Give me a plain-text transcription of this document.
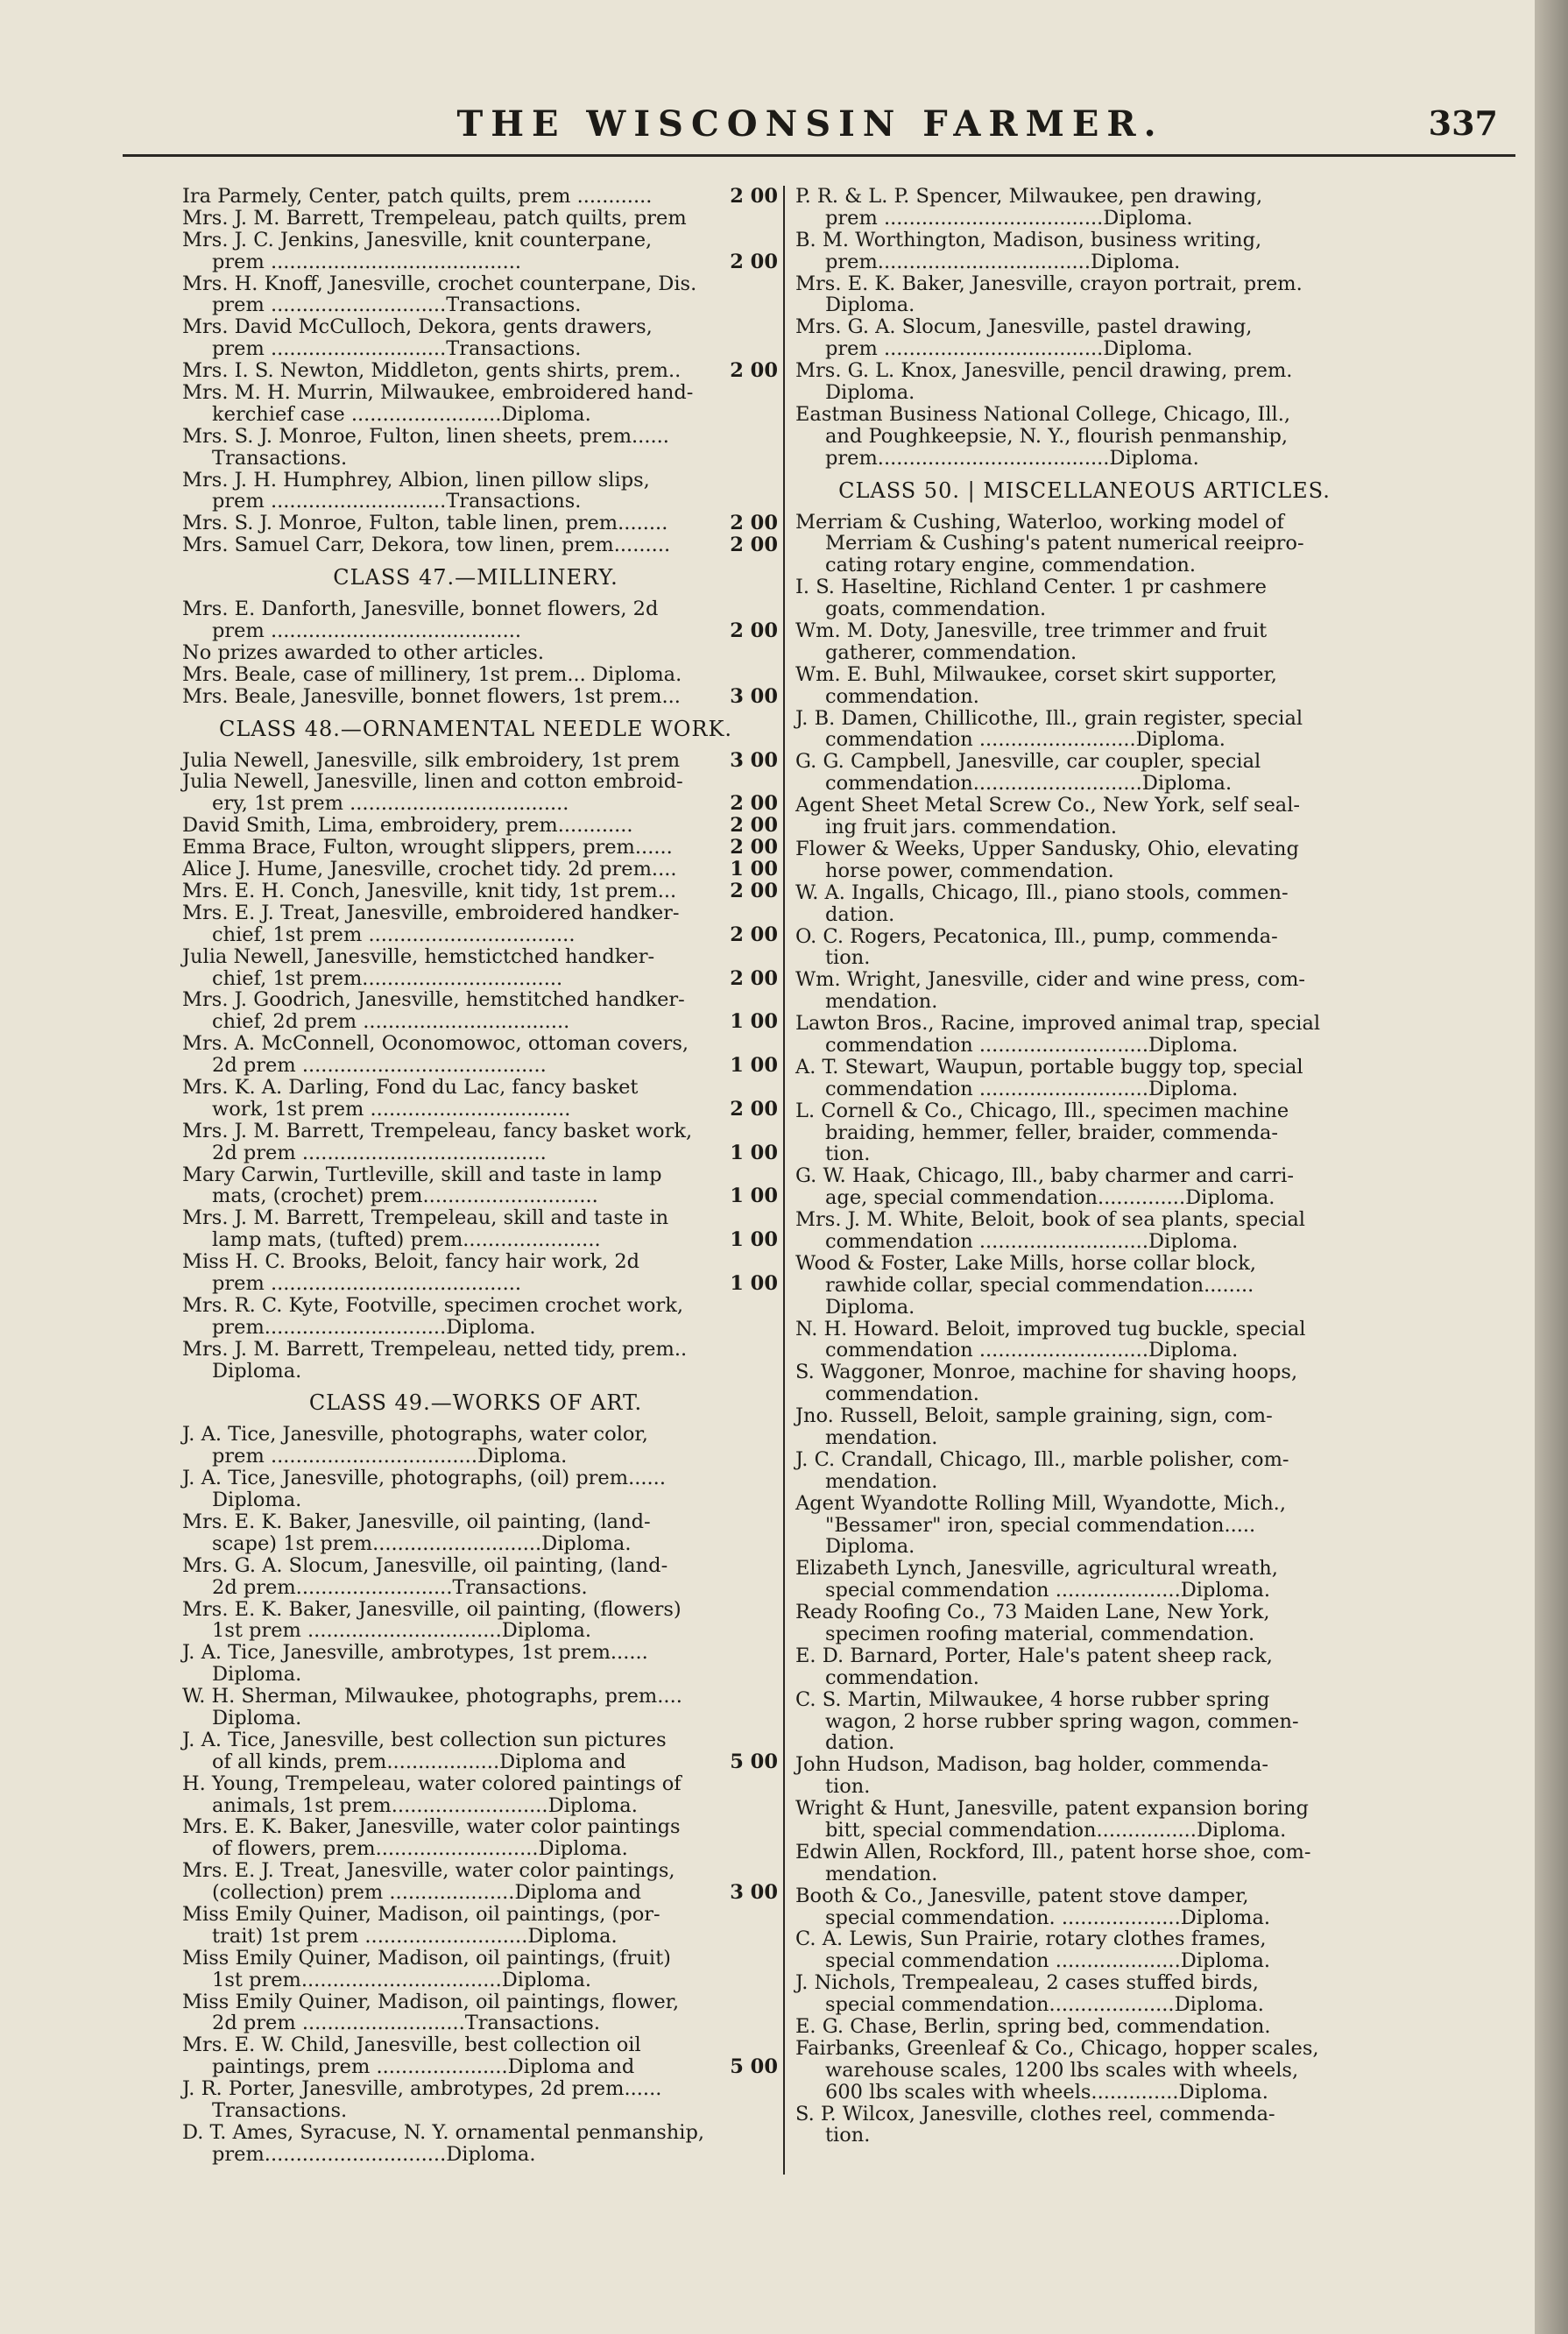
THE WISCONSIN FARMER.	337
Ira Parmely, Center, patch quilts, prem ............	2 00
Mrs. J. M. Barrett, Trempeleau, patch quilts, prem
Mrs. J. C. Jenkins, Janesville, knit counterpane,
prem ........................................	2 00
Mrs. H. Knoff, Janesville, crochet counterpane, Dis.
prem ............................Transactions.
Mrs. David McCulloch, Dekora, gents drawers,
prem ............................Transactions.
Mrs. I. S. Newton, Middleton, gents shirts, prem.. 2 00
Mrs. M. H. Murrin, Milwaukee, embroidered hand-
kerchief case ........................Diploma.
Mrs. S. J. Monroe, Fulton, linen sheets, prem......
Transactions.
Mrs. J. H. Humphrey, Albion, linen pillow slips,
prem ............................Transactions.
Mrs. S. J. Monroe, Fulton, table linen, prem........	2 00
Mrs. Samuel Carr, Dekora, tow linen, prem.........	2 00
CLASS 47.—MILLINERY.
Mrs. E. Danforth, Janesville, bonnet flowers, 2d
prem ........................................	2 00
No prizes awarded to other articles.
Mrs. Beale, case of millinery, 1st prem... Diploma.
Mrs. Beale, Janesville, bonnet flowers, 1st prem...	3 00
CLASS 48.—ORNAMENTAL NEEDLE WORK.
Julia Newell, Janesville, silk embroidery, 1st prem	3 00
Julia Newell, Janesville, linen and cotton embroid-
ery, 1st prem ...................................	2 00
David Smith, Lima, embroidery, prem............	2 00
Emma Brace, Fulton, wrought slippers, prem......	2 00
Alice J. Hume, Janesville, crochet tidy. 2d prem....	1 00
Mrs. E. H. Conch, Janesville, knit tidy, 1st prem...	2 00
Mrs. E. J. Treat, Janesville, embroidered handker-
chief, 1st prem .................................	2 00
Julia Newell, Janesville, hemstictched handker-
chief, 1st prem................................	2 00
Mrs. J. Goodrich, Janesville, hemstitched handker-
chief, 2d prem .................................	1 00
Mrs. A. McConnell, Oconomowoc, ottoman covers,
2d prem .......................................	1 00
Mrs. K. A. Darling, Fond du Lac, fancy basket
work, 1st prem ................................	2 00
Mrs. J. M. Barrett, Trempeleau, fancy basket work,
2d prem .......................................	1 00
Mary Carwin, Turtleville, skill and taste in lamp
mats, (crochet) prem............................	1 00
Mrs. J. M. Barrett, Trempeleau, skill and taste in
lamp mats, (tufted) prem......................	1 00
Miss H. C. Brooks, Beloit, fancy hair work, 2d
prem ........................................	1 00
Mrs. R. C. Kyte, Footville, specimen crochet work,
prem.............................Diploma.
Mrs. J. M. Barrett, Trempeleau, netted tidy, prem..
Diploma.
CLASS 49.—WORKS OF ART.
J. A. Tice, Janesville, photographs, water color,
prem .................................Diploma.
J. A. Tice, Janesville, photographs, (oil) prem......
Diploma.
Mrs. E. K. Baker, Janesville, oil painting, (land-
scape) 1st prem...........................Diploma.
Mrs. G. A. Slocum, Janesville, oil painting, (land-
2d prem.........................Transactions.
Mrs. E. K. Baker, Janesville, oil painting, (flowers)
1st prem ...............................Diploma.
J. A. Tice, Janesville, ambrotypes, 1st prem......
Diploma.
W. H. Sherman, Milwaukee, photographs, prem....
Diploma.
J. A. Tice, Janesville, best collection sun pictures
of all kinds, prem..................Diploma and	5 00
H. Young, Trempeleau, water colored paintings of
animals, 1st prem.........................Diploma.
Mrs. E. K. Baker, Janesville, water color paintings
of flowers, prem..........................Diploma.
Mrs. E. J. Treat, Janesville, water color paintings,
(collection) prem ....................Diploma and	3 00
Miss Emily Quiner, Madison, oil paintings, (por-
trait) 1st prem ..........................Diploma.
Miss Emily Quiner, Madison, oil paintings, (fruit)
1st prem................................Diploma.
Miss Emily Quiner, Madison, oil paintings, flower,
2d prem ..........................Transactions.
Mrs. E. W. Child, Janesville, best collection oil
paintings, prem .....................Diploma and	5 00
J. R. Porter, Janesville, ambrotypes, 2d prem......
Transactions.
D. T. Ames, Syracuse, N. Y. ornamental penmanship,
prem.............................Diploma.
P. R. & L. P. Spencer, Milwaukee, pen drawing,
prem ...................................Diploma.
B. M. Worthington, Madison, business writing,
prem..................................Diploma.
Mrs. E. K. Baker, Janesville, crayon portrait, prem.
Diploma.
Mrs. G. A. Slocum, Janesville, pastel drawing,
prem ...................................Diploma.
Mrs. G. L. Knox, Janesville, pencil drawing, prem.
Diploma.
Eastman Business National College, Chicago, Ill.,
and Poughkeepsie, N. Y., flourish penmanship,
prem.....................................Diploma.
CLASS 50. | MISCELLANEOUS ARTICLES.
Merriam & Cushing, Waterloo, working model of
Merriam & Cushing's patent numerical reeipro-
cating rotary engine, commendation.
I. S. Haseltine, Richland Center. 1 pr cashmere
goats, commendation.
Wm. M. Doty, Janesville, tree trimmer and fruit
gatherer, commendation.
Wm. E. Buhl, Milwaukee, corset skirt supporter,
commendation.
J. B. Damen, Chillicothe, Ill., grain register, special
commendation .........................Diploma.
G. G. Campbell, Janesville, car coupler, special
commendation...........................Diploma.
Agent Sheet Metal Screw Co., New York, self seal-
ing fruit jars. commendation.
Flower & Weeks, Upper Sandusky, Ohio, elevating
horse power, commendation.
W. A. Ingalls, Chicago, Ill., piano stools, commen-
dation.
O. C. Rogers, Pecatonica, Ill., pump, commenda-
tion.
Wm. Wright, Janesville, cider and wine press, com-
mendation.
Lawton Bros., Racine, improved animal trap, special
commendation ...........................Diploma.
A. T. Stewart, Waupun, portable buggy top, special
commendation ...........................Diploma.
L. Cornell & Co., Chicago, Ill., specimen machine
braiding, hemmer, feller, braider, commenda-
tion.
G. W. Haak, Chicago, Ill., baby charmer and carri-
age, special commendation..............Diploma.
Mrs. J. M. White, Beloit, book of sea plants, special
commendation ...........................Diploma.
Wood & Foster, Lake Mills, horse collar block,
rawhide collar, special commendation........
Diploma.
N. H. Howard. Beloit, improved tug buckle, special
commendation ...........................Diploma.
S. Waggoner, Monroe, machine for shaving hoops,
commendation.
Jno. Russell, Beloit, sample graining, sign, com-
mendation.
J. C. Crandall, Chicago, Ill., marble polisher, com-
mendation.
Agent Wyandotte Rolling Mill, Wyandotte, Mich.,
"Bessamer" iron, special commendation.....
Diploma.
Elizabeth Lynch, Janesville, agricultural wreath,
special commendation ....................Diploma.
Ready Roofing Co., 73 Maiden Lane, New York,
specimen roofing material, commendation.
E. D. Barnard, Porter, Hale's patent sheep rack,
commendation.
C. S. Martin, Milwaukee, 4 horse rubber spring
wagon, 2 horse rubber spring wagon, commen-
dation.
John Hudson, Madison, bag holder, commenda-
tion.
Wright & Hunt, Janesville, patent expansion boring
bitt, special commendation................Diploma.
Edwin Allen, Rockford, Ill., patent horse shoe, com-
mendation.
Booth & Co., Janesville, patent stove damper,
special commendation. ...................Diploma.
C. A. Lewis, Sun Prairie, rotary clothes frames,
special commendation ....................Diploma.
J. Nichols, Trempealeau, 2 cases stuffed birds,
special commendation....................Diploma.
E. G. Chase, Berlin, spring bed, commendation.
Fairbanks, Greenleaf & Co., Chicago, hopper scales,
warehouse scales, 1200 lbs scales with wheels,
600 lbs scales with wheels..............Diploma.
S. P. Wilcox, Janesville, clothes reel, commenda-
tion.
